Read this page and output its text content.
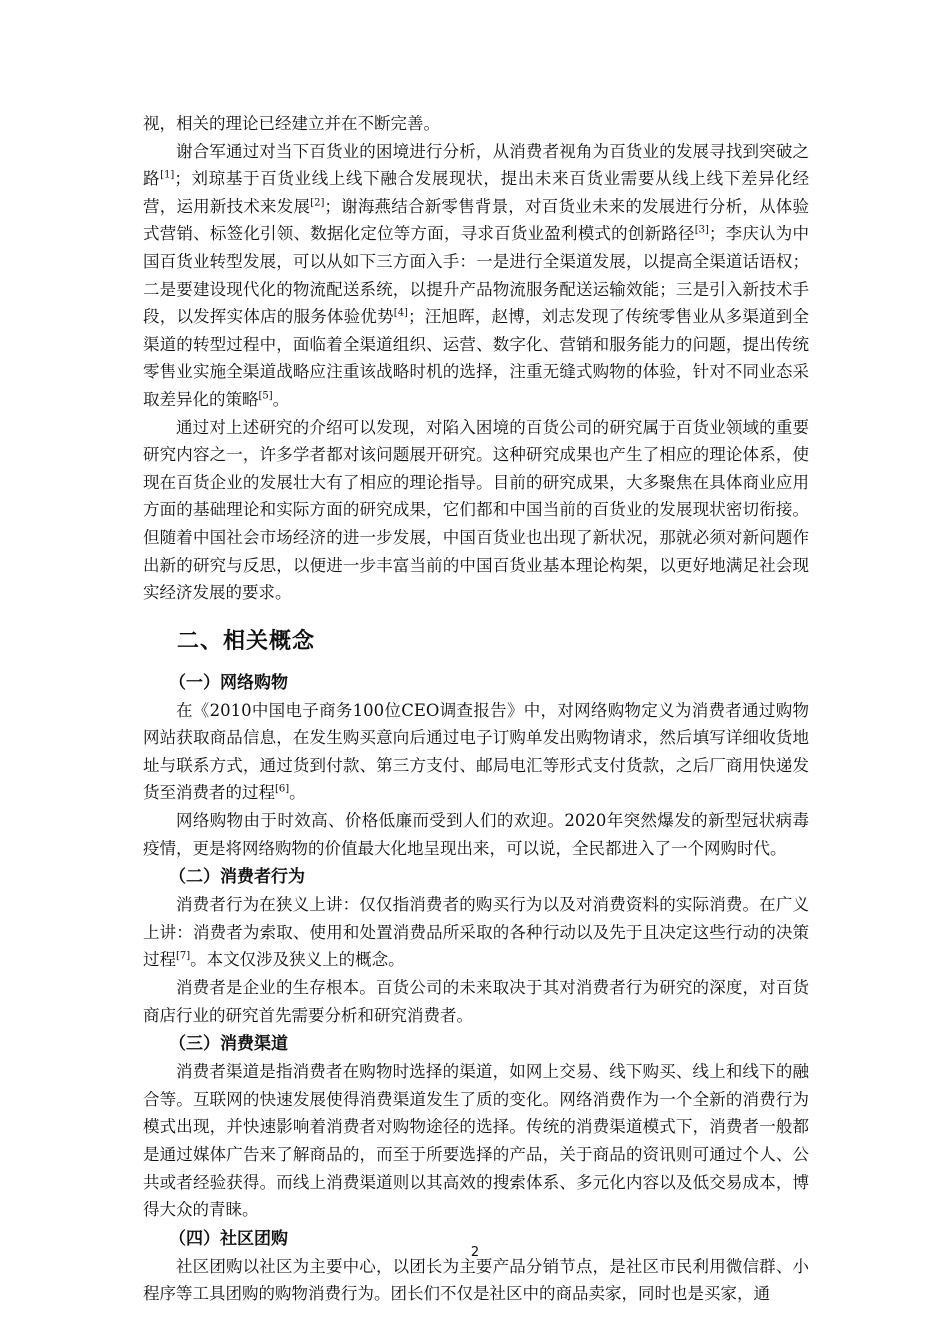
视，相关的理论已经建立并在不断完善。

谢合军通过对当下百货业的困境进行分析，从消费者视角为百货业的发展寻找到突破之路[1]；刘琼基于百货业线上线下融合发展现状，提出未来百货业需要从线上线下差异化经营，运用新技术来发展[2]；谢海燕结合新零售背景，对百货业未来的发展进行分析，从体验式营销、标签化引领、数据化定位等方面，寻求百货业盈利模式的创新路径[3]；李庆认为中国百货业转型发展，可以从如下三方面入手：一是进行全渠道发展，以提高全渠道话语权；二是要建设现代化的物流配送系统，以提升产品物流服务配送运输效能；三是引入新技术手段，以发挥实体店的服务体验优势[4]；汪旭晖，赵博，刘志发现了传统零售业从多渠道到全渠道的转型过程中，面临着全渠道组织、运营、数字化、营销和服务能力的问题，提出传统零售业实施全渠道战略应注重该战略时机的选择，注重无缝式购物的体验，针对不同业态采取差异化的策略[5]。

通过对上述研究的介绍可以发现，对陷入困境的百货公司的研究属于百货业领域的重要研究内容之一，许多学者都对该问题展开研究。这种研究成果也产生了相应的理论体系，使现在百货企业的发展壮大有了相应的理论指导。目前的研究成果，大多聚焦在具体商业应用方面的基础理论和实际方面的研究成果，它们都和中国当前的百货业的发展现状密切衔接。但随着中国社会市场经济的进一步发展，中国百货业也出现了新状况，那就必须对新问题作出新的研究与反思，以便进一步丰富当前的中国百货业基本理论构架，以更好地满足社会现实经济发展的要求。

二、相关概念
（一）网络购物

在《2010中国电子商务100位CEO调查报告》中，对网络购物定义为消费者通过购物网站获取商品信息，在发生购买意向后通过电子订购单发出购物请求，然后填写详细收货地址与联系方式，通过货到付款、第三方支付、邮局电汇等形式支付货款，之后厂商用快递发货至消费者的过程[6]。

网络购物由于时效高、价格低廉而受到人们的欢迎。2020年突然爆发的新型冠状病毒疫情，更是将网络购物的价值最大化地呈现出来，可以说，全民都进入了一个网购时代。

（二）消费者行为

消费者行为在狭义上讲：仅仅指消费者的购买行为以及对消费资料的实际消费。在广义上讲：消费者为索取、使用和处置消费品所采取的各种行动以及先于且决定这些行动的决策过程[7]。本文仅涉及狭义上的概念。

消费者是企业的生存根本。百货公司的未来取决于其对消费者行为研究的深度，对百货商店行业的研究首先需要分析和研究消费者。

（三）消费渠道

消费者渠道是指消费者在购物时选择的渠道，如网上交易、线下购买、线上和线下的融合等。互联网的快速发展使得消费渠道发生了质的变化。网络消费作为一个全新的消费行为模式出现，并快速影响着消费者对购物途径的选择。传统的消费渠道模式下，消费者一般都是通过媒体广告来了解商品的，而至于所要选择的产品，关于商品的资讯则可通过个人、公共或者经验获得。而线上消费渠道则以其高效的搜索体系、多元化内容以及低交易成本，博得大众的青睐。

（四）社区团购

社区团购以社区为主要中心，以团长为主要产品分销节点，是社区市民利用微信群、小程序等工具团购的购物消费行为。团长们不仅是社区中的商品卖家，同时也是买家，通

2
